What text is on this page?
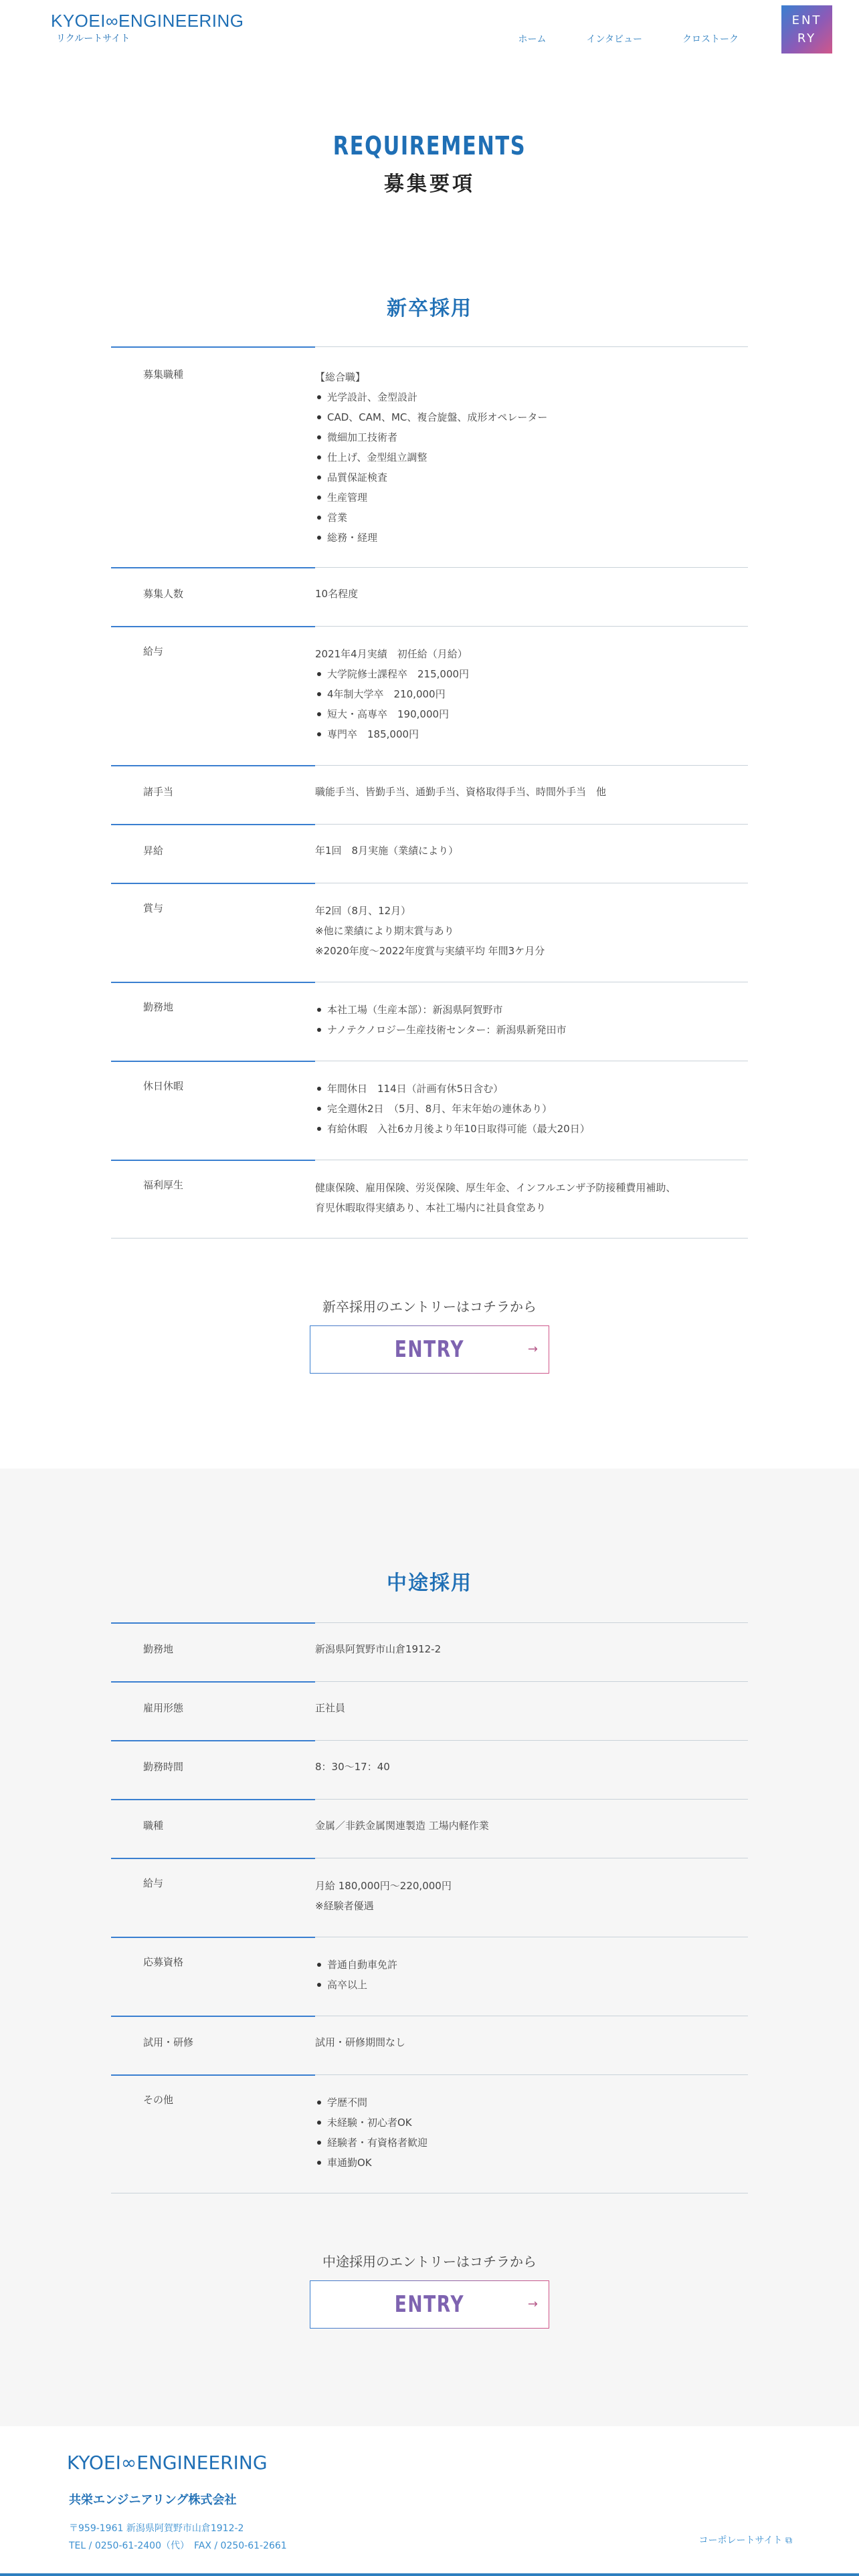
KYOEI∞ENGINEERING
リクルートサイト	ホーム	インタビュー	クロストーク
ENTRY
REQUIREMENTS
募集要項
新卒採用
募集職種	【総合職】
光学設計、金型設計
CAD、CAM、MC、複合旋盤、成形オペレーター
微細加工技術者
仕上げ、金型組立調整
品質保証検査
生産管理
営業
総務・経理
募集人数	10名程度
給与	2021年4月実績　初任給（月給）
大学院修士課程卒　215,000円
4年制大学卒　210,000円
短大・高専卒　190,000円
専門卒　185,000円
諸手当	職能手当、皆勤手当、通勤手当、資格取得手当、時間外手当　他
昇給	年1回　8月実施（業績により）
賞与	年2回（8月、12月）
※他に業績により期末賞与あり
※2020年度～2022年度賞与実績平均 年間3ケ月分
勤務地	本社工場（生産本部）：新潟県阿賀野市
ナノテクノロジー生産技術センター：新潟県新発田市
休日休暇	年間休日　114日（計画有休5日含む）
完全週休2日　（5月、8月、年末年始の連休あり）
有給休暇　入社6カ月後より年10日取得可能（最大20日）
福利厚生	健康保険、雇用保険、労災保険、厚生年金、インフルエンザ予防接種費用補助、
育児休暇取得実績あり、本社工場内に社員食堂あり
新卒採用のエントリーはコチラから
ENTRY	→
中途採用
勤務地	新潟県阿賀野市山倉1912-2
雇用形態	正社員
勤務時間	8：30～17：40
職種	金属／非鉄金属関連製造 工場内軽作業
給与	月給 180,000円～220,000円
※経験者優遇
応募資格	普通自動車免許
高卒以上
試用・研修	試用・研修期間なし
その他	学歴不問
未経験・初心者OK
経験者・有資格者歓迎
車通勤OK
中途採用のエントリーはコチラから
ENTRY	→
KYOEI∞ENGINEERING
共栄エンジニアリング株式会社
〒959-1961 新潟県阿賀野市山倉1912-2
TEL / 0250-61-2400（代）　FAX / 0250-61-2661	コーポレートサイト ⧉
